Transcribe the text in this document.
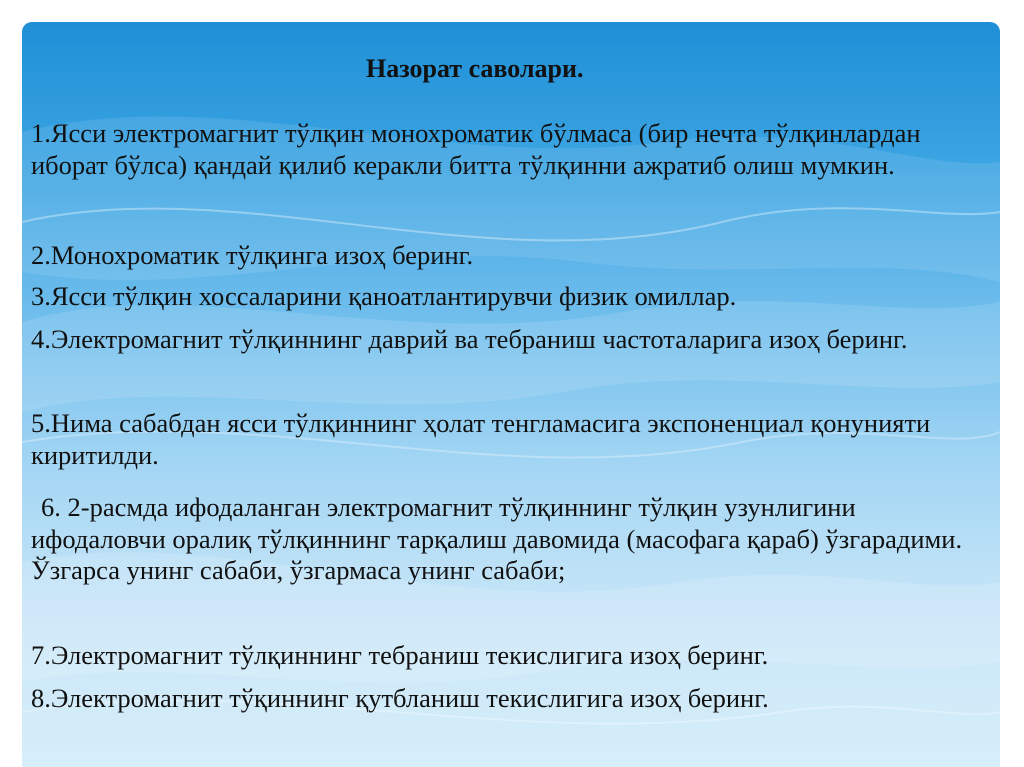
Назорат саволари.

1.Ясси электромагнит тўлқин монохроматик бўлмаса (бир нечта тўлқинлардан иборат бўлса) қандай қилиб керакли битта тўлқинни ажратиб олиш мумкин.

2.Монохроматик тўлқинга изоҳ беринг.

3.Ясси тўлқин хоссаларини қаноатлантирувчи физик омиллар.

4.Электромагнит тўлқиннинг даврий ва тебраниш частоталарига изоҳ беринг.

5.Нима сабабдан ясси тўлқиннинг ҳолат тенгламасига экспоненциал қонунияти киритилди.

6. 2-расмда ифодаланган электромагнит тўлқиннинг тўлқин узунлигини ифодаловчи оралиқ тўлқиннинг тарқалиш давомида (масофага қараб) ўзгарадими. Ўзгарса унинг сабаби, ўзгармаса унинг сабаби;

7.Электромагнит тўлқиннинг тебраниш текислигига изоҳ беринг.

8.Электромагнит тўқиннинг қутбланиш текислигига изоҳ беринг.
